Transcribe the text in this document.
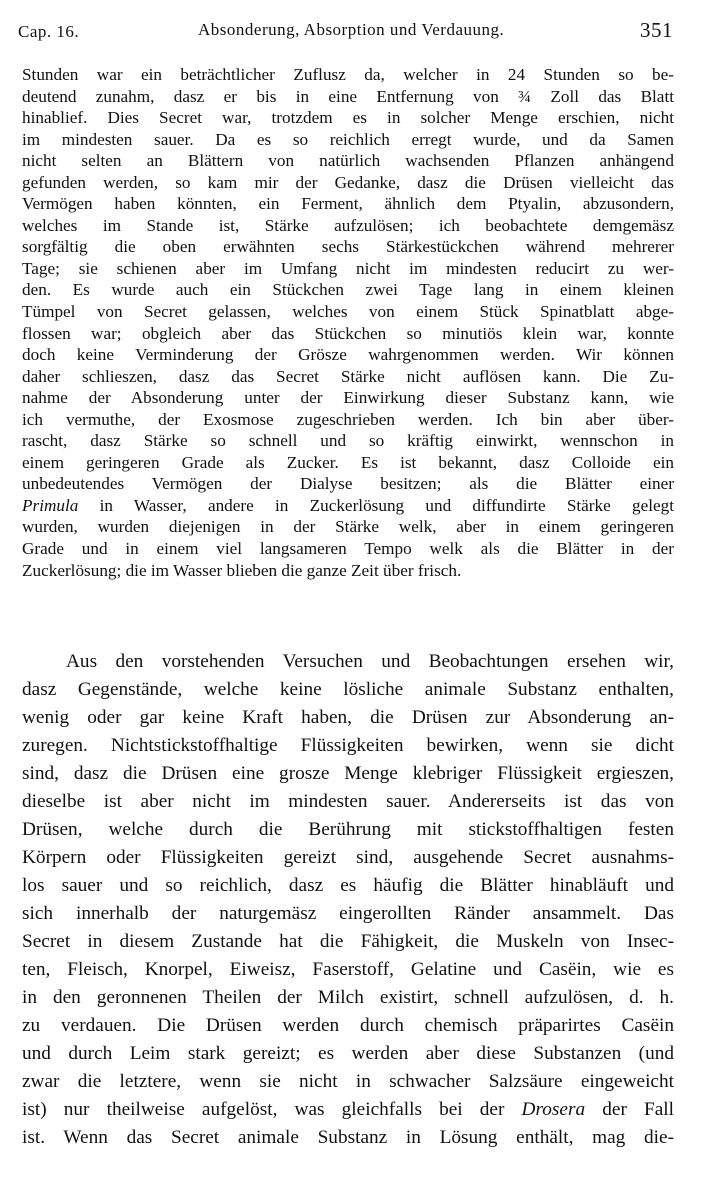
Cap. 16.	Absonderung, Absorption und Verdauung.	351
Stunden war ein beträchtlicher Zuflusz da, welcher in 24 Stunden so be-
deutend zunahm, dasz er bis in eine Entfernung von ¾ Zoll das Blatt
hinablief. Dies Secret war, trotzdem es in solcher Menge erschien, nicht
im mindesten sauer. Da es so reichlich erregt wurde, und da Samen
nicht selten an Blättern von natürlich wachsenden Pflanzen anhängend
gefunden werden, so kam mir der Gedanke, dasz die Drüsen vielleicht das
Vermögen haben könnten, ein Ferment, ähnlich dem Ptyalin, abzusondern,
welches im Stande ist, Stärke aufzulösen; ich beobachtete demgemäsz
sorgfältig die oben erwähnten sechs Stärkestückchen während mehrerer
Tage; sie schienen aber im Umfang nicht im mindesten reducirt zu wer-
den. Es wurde auch ein Stückchen zwei Tage lang in einem kleinen
Tümpel von Secret gelassen, welches von einem Stück Spinatblatt abge-
flossen war; obgleich aber das Stückchen so minutiös klein war, konnte
doch keine Verminderung der Grösze wahrgenommen werden. Wir können
daher schlieszen, dasz das Secret Stärke nicht auflösen kann. Die Zu-
nahme der Absonderung unter der Einwirkung dieser Substanz kann, wie
ich vermuthe, der Exosmose zugeschrieben werden. Ich bin aber über-
rascht, dasz Stärke so schnell und so kräftig einwirkt, wennschon in
einem geringeren Grade als Zucker. Es ist bekannt, dasz Colloide ein
unbedeutendes Vermögen der Dialyse besitzen; als die Blätter einer
Primula in Wasser, andere in Zuckerlösung und diffundirte Stärke gelegt
wurden, wurden diejenigen in der Stärke welk, aber in einem geringeren
Grade und in einem viel langsameren Tempo welk als die Blätter in der
Zuckerlösung; die im Wasser blieben die ganze Zeit über frisch.
Aus den vorstehenden Versuchen und Beobachtungen ersehen wir,
dasz Gegenstände, welche keine lösliche animale Substanz enthalten,
wenig oder gar keine Kraft haben, die Drüsen zur Absonderung an-
zuregen. Nichtstickstoffhaltige Flüssigkeiten bewirken, wenn sie dicht
sind, dasz die Drüsen eine grosze Menge klebriger Flüssigkeit ergieszen,
dieselbe ist aber nicht im mindesten sauer. Andererseits ist das von
Drüsen, welche durch die Berührung mit stickstoffhaltigen festen
Körpern oder Flüssigkeiten gereizt sind, ausgehende Secret ausnahms-
los sauer und so reichlich, dasz es häufig die Blätter hinabläuft und
sich innerhalb der naturgemäsz eingerollten Ränder ansammelt. Das
Secret in diesem Zustande hat die Fähigkeit, die Muskeln von Insec-
ten, Fleisch, Knorpel, Eiweisz, Faserstoff, Gelatine und Casëin, wie es
in den geronnenen Theilen der Milch existirt, schnell aufzulösen, d. h.
zu verdauen. Die Drüsen werden durch chemisch präparirtes Casëin
und durch Leim stark gereizt; es werden aber diese Substanzen (und
zwar die letztere, wenn sie nicht in schwacher Salzsäure eingeweicht
ist) nur theilweise aufgelöst, was gleichfalls bei der Drosera der Fall
ist. Wenn das Secret animale Substanz in Lösung enthält, mag die-
